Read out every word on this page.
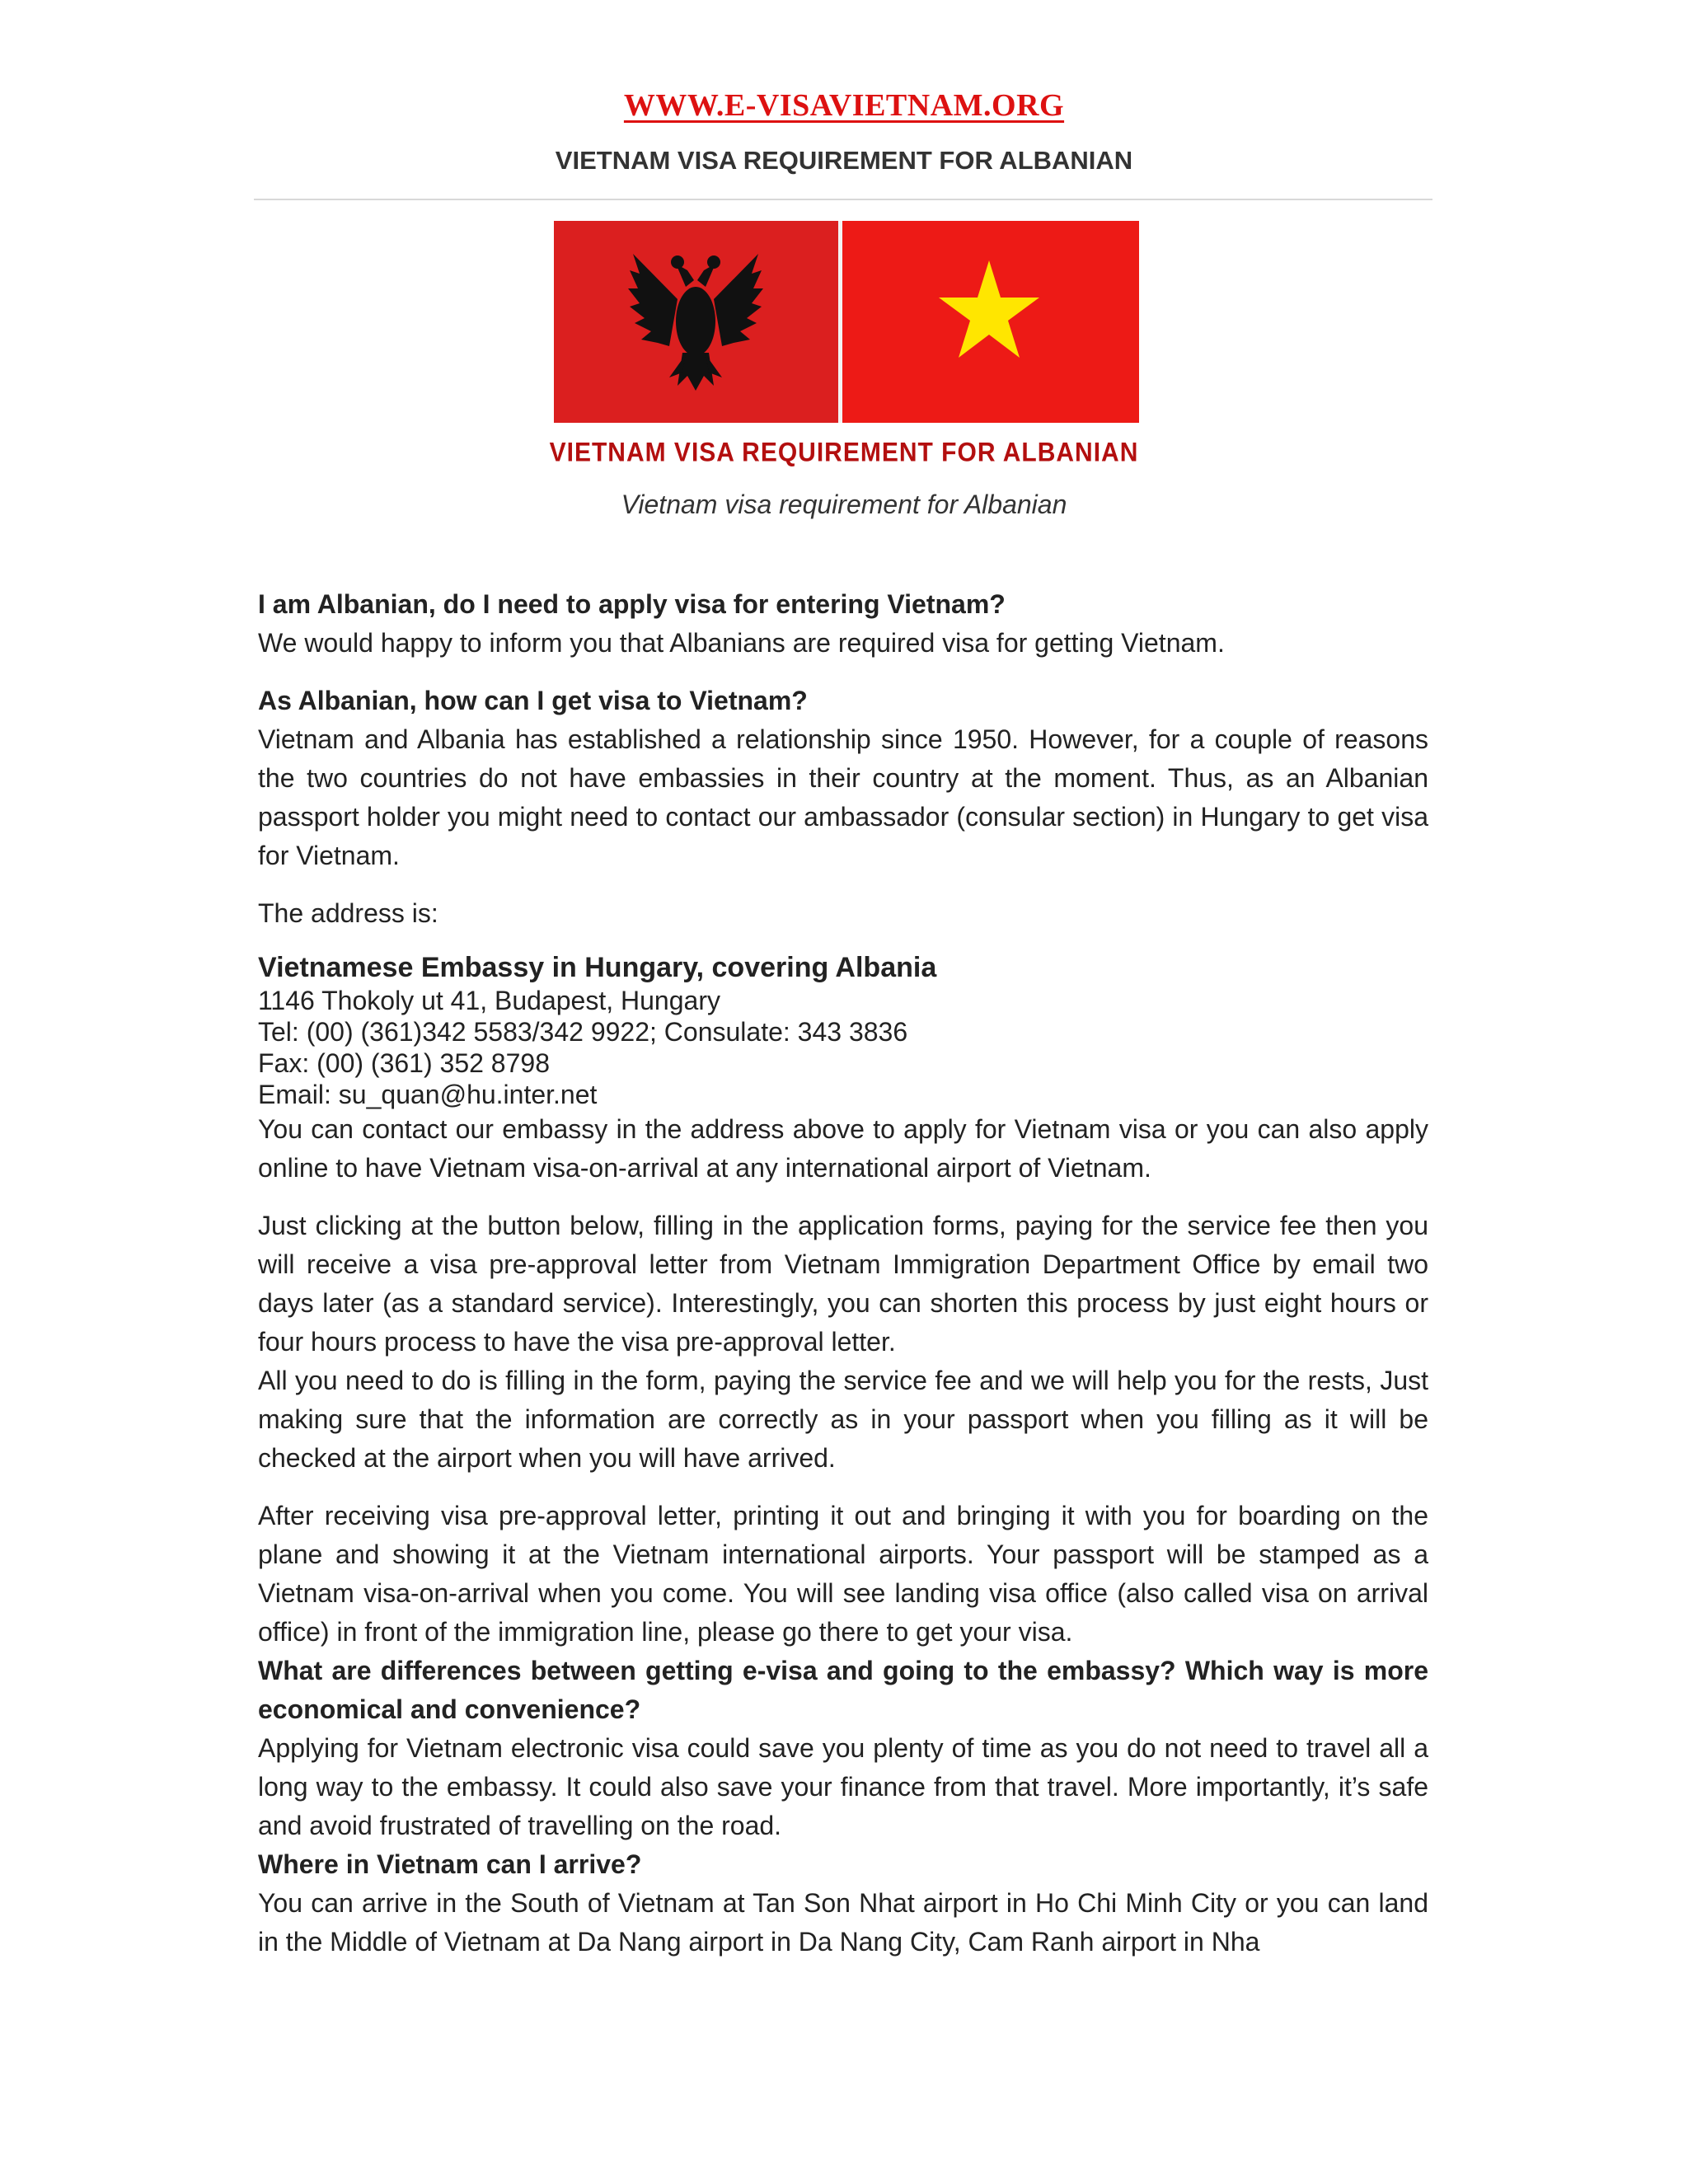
WWW.E-VISAVIETNAM.ORG
VIETNAM VISA REQUIREMENT FOR ALBANIAN
VIETNAM VISA REQUIREMENT FOR ALBANIAN
Vietnam visa requirement for Albanian

I am Albanian, do I need to apply visa for entering Vietnam?

We would happy to inform you that Albanians are required visa for getting Vietnam.

As Albanian, how can I get visa to Vietnam?

Vietnam and Albania has established a relationship since 1950. However, for a couple of reasons the two countries do not have embassies in their country at the moment. Thus, as an Albanian passport holder you might need to contact our ambassador (consular section) in Hungary to get visa for Vietnam.

The address is:

Vietnamese Embassy in Hungary, covering Albania

1146 Thokoly ut 41, Budapest, Hungary

Tel: (00) (361)342 5583/342 9922; Consulate: 343 3836

Fax: (00) (361) 352 8798

Email: su_quan@hu.inter.net

You can contact our embassy in the address above to apply for Vietnam visa or you can also apply online to have Vietnam visa-on-arrival at any international airport of Vietnam.

Just clicking at the button below, filling in the application forms, paying for the service fee then you will receive a visa pre-approval letter from Vietnam Immigration Department Office by email two days later (as a standard service). Interestingly, you can shorten this process by just eight hours or four hours process to have the visa pre-approval letter.

All you need to do is filling in the form, paying the service fee and we will help you for the rests, Just making sure that the information are correctly as in your passport when you filling as it will be checked at the airport when you will have arrived.

After receiving visa pre-approval letter, printing it out and bringing it with you for boarding on the plane and showing it at the Vietnam international airports. Your passport will be stamped as a Vietnam visa-on-arrival when you come. You will see landing visa office (also called visa on arrival office) in front of the immigration line, please go there to get your visa.

What are differences between getting e-visa and going to the embassy? Which way is more economical and convenience?

Applying for Vietnam electronic visa could save you plenty of time as you do not need to travel all a long way to the embassy. It could also save your finance from that travel. More importantly, it’s safe and avoid frustrated of travelling on the road.

Where in Vietnam can I arrive?

You can arrive in the South of Vietnam at Tan Son Nhat airport in Ho Chi Minh City or you can land in the Middle of Vietnam at Da Nang airport in Da Nang City, Cam Ranh airport in Nha
